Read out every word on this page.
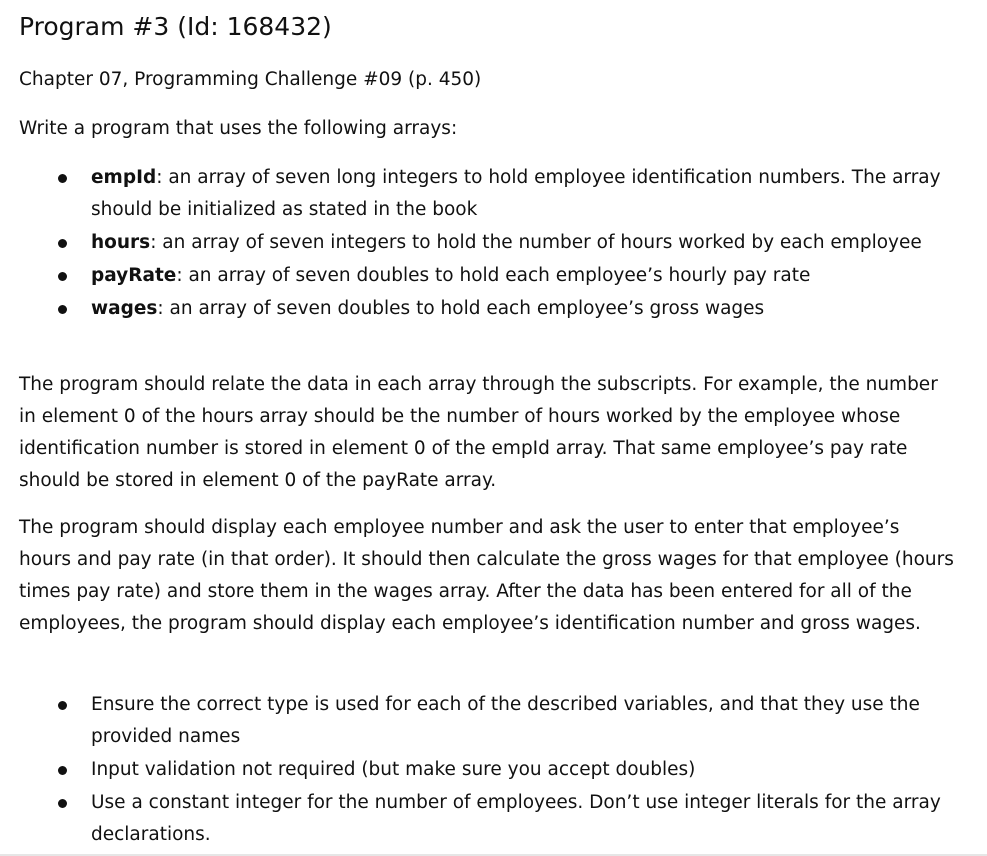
Program #3 (Id: 168432)

Chapter 07, Programming Challenge #09 (p. 450)

Write a program that uses the following arrays:

empId: an array of seven long integers to hold employee identification numbers. The array should be initialized as stated in the book
hours: an array of seven integers to hold the number of hours worked by each employee
payRate: an array of seven doubles to hold each employee’s hourly pay rate
wages: an array of seven doubles to hold each employee’s gross wages

The program should relate the data in each array through the subscripts. For example, the number in element 0 of the hours array should be the number of hours worked by the employee whose identification number is stored in element 0 of the empId array. That same employee’s pay rate should be stored in element 0 of the payRate array.

The program should display each employee number and ask the user to enter that employee’s hours and pay rate (in that order). It should then calculate the gross wages for that employee (hours times pay rate) and store them in the wages array. After the data has been entered for all of the employees, the program should display each employee’s identification number and gross wages.

Ensure the correct type is used for each of the described variables, and that they use the provided names
Input validation not required (but make sure you accept doubles)
Use a constant integer for the number of employees. Don’t use integer literals for the array declarations.
